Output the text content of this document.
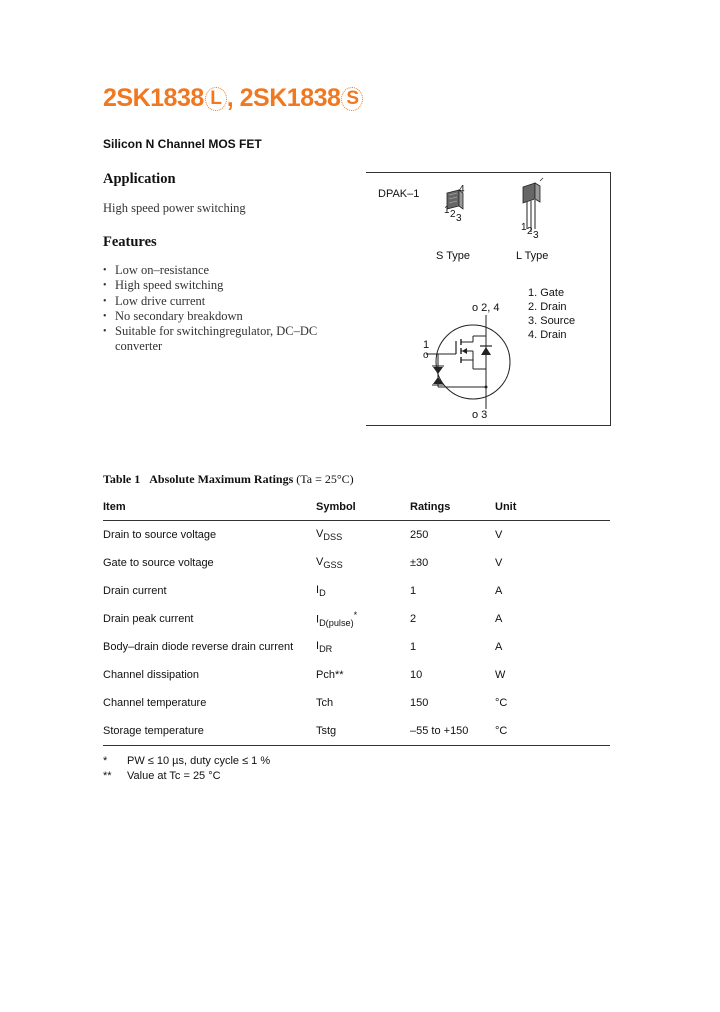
2SK1838 L , 2SK1838 S
Silicon N Channel MOS FET
Application
High speed power switching
Features
• Low on–resistance
• High speed switching
• Low drive current
• No secondary breakdown
• Suitable for switchingregulator, DC–DC converter
DPAK–1	4
1 2 3
1 2 3
S Type	L Type
1. Gate
2. Drain
3. Source
4. Drain
1
o
o 2, 4
o 3
Table 1 Absolute Maximum Ratings (Ta = 25°C)
Item	Symbol	Ratings	Unit
Drain to source voltage	$V_{DSS}$	250	V
Gate to source voltage	$V_{GSS}$	±30	V
Drain current	$I_D$	1	A
Drain peak current	$I_{D(pulse)}^*$	2	A
Body–drain diode reverse drain current	$I_{DR}$	1	A
Channel dissipation	Pch**	10	W
Channel temperature	Tch	150	°C
Storage temperature	Tstg	–55 to +150	°C
* PW ≤ 10 µs, duty cycle ≤ 1 %
** Value at Tc = 25 °C
